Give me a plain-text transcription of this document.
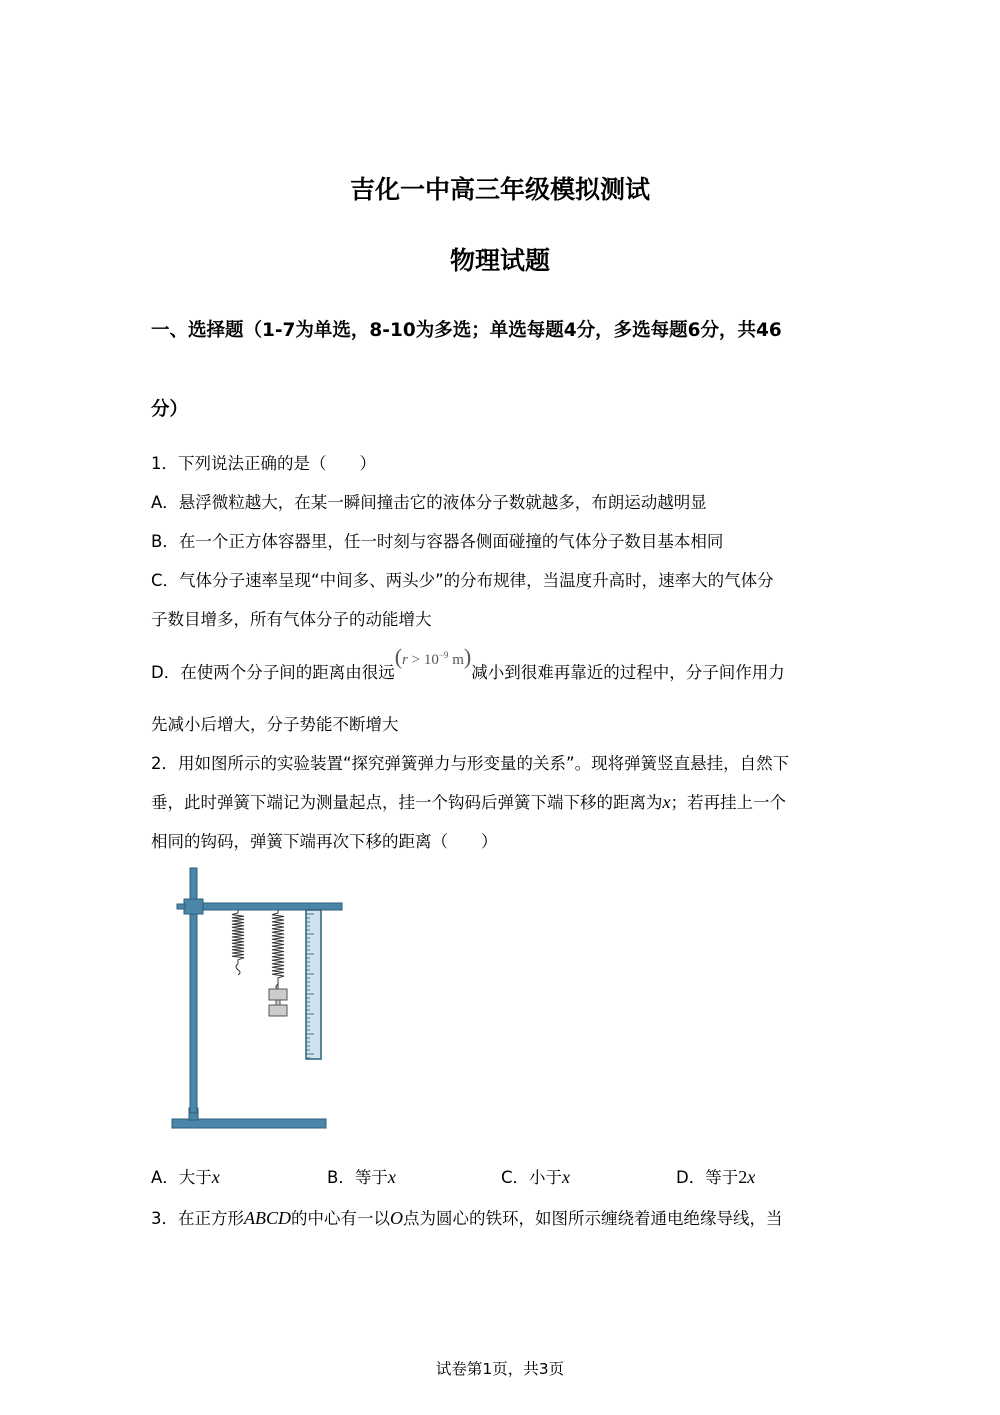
吉化一中高三年级模拟测试
物理试题
一、选择题（1-7为单选，8-10为多选；单选每题4分，多选每题6分，共46
分）
1．下列说法正确的是（　　）
A．悬浮微粒越大，在某一瞬间撞击它的液体分子数就越多，布朗运动越明显
B．在一个正方体容器里，任一时刻与容器各侧面碰撞的气体分子数目基本相同
C．气体分子速率呈现“中间多、两头少”的分布规律，当温度升高时，速率大的气体分
子数目增多，所有气体分子的动能增大
D．在使两个分子间的距离由很远($r > 10^{-9}$ m)减小到很难再靠近的过程中，分子间作用力
先减小后增大，分子势能不断增大
2．用如图所示的实验装置“探究弹簧弹力与形变量的关系”。现将弹簧竖直悬挂，自然下
垂，此时弹簧下端记为测量起点，挂一个钩码后弹簧下端下移的距离为x；若再挂上一个
相同的钩码，弹簧下端再次下移的距离（　　）
A．大于x	B．等于x	C．小于x	D．等于2x
3．在正方形ABCD的中心有一以O点为圆心的铁环，如图所示缠绕着通电绝缘导线，当
试卷第1页，共3页
